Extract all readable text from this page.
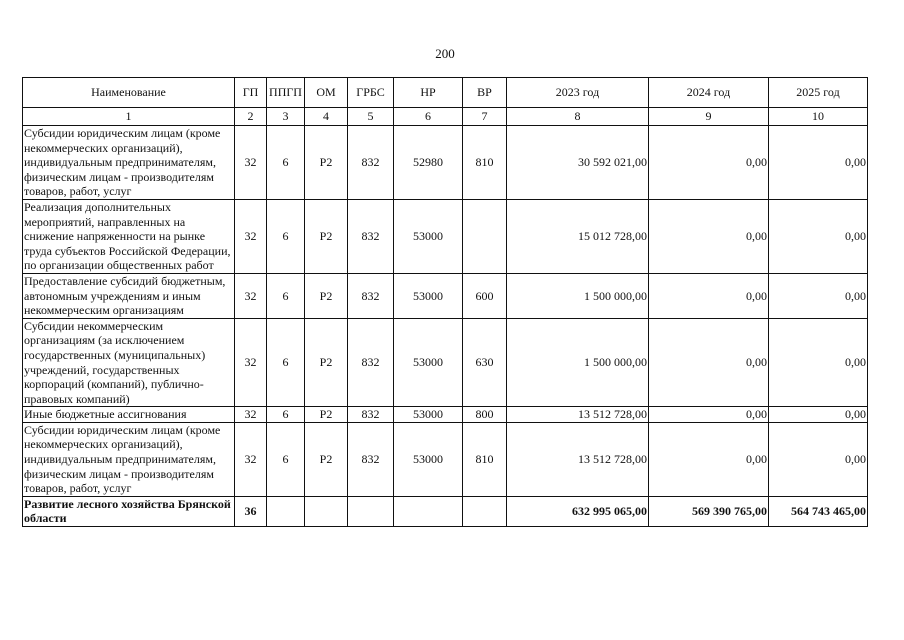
200
Наименование	ГП	ППГП	ОМ	ГРБС	НР	ВР	2023 год	2024 год	2025 год
1	2	3	4	5	6	7	8	9	10
Субсидии юридическим лицам (кроме некоммерческих организаций), индивидуальным предпринимателям, физическим лицам - производителям товаров, работ, услуг	32	6	Р2	832	52980	810	30 592 021,00	0,00	0,00
Реализация дополнительных мероприятий, направленных на снижение напряженности на рынке труда субъектов Российской Федерации, по организации общественных работ	32	6	Р2	832	53000		15 012 728,00	0,00	0,00
Предоставление субсидий бюджетным, автономным учреждениям и иным некоммерческим организациям	32	6	Р2	832	53000	600	1 500 000,00	0,00	0,00
Субсидии некоммерческим организациям (за исключением государственных (муниципальных) учреждений, государственных корпораций (компаний), публично-правовых компаний)	32	6	Р2	832	53000	630	1 500 000,00	0,00	0,00
Иные бюджетные ассигнования	32	6	Р2	832	53000	800	13 512 728,00	0,00	0,00
Субсидии юридическим лицам (кроме некоммерческих организаций), индивидуальным предпринимателям, физическим лицам - производителям товаров, работ, услуг	32	6	Р2	832	53000	810	13 512 728,00	0,00	0,00
Развитие лесного хозяйства Брянской области	36						632 995 065,00	569 390 765,00	564 743 465,00
